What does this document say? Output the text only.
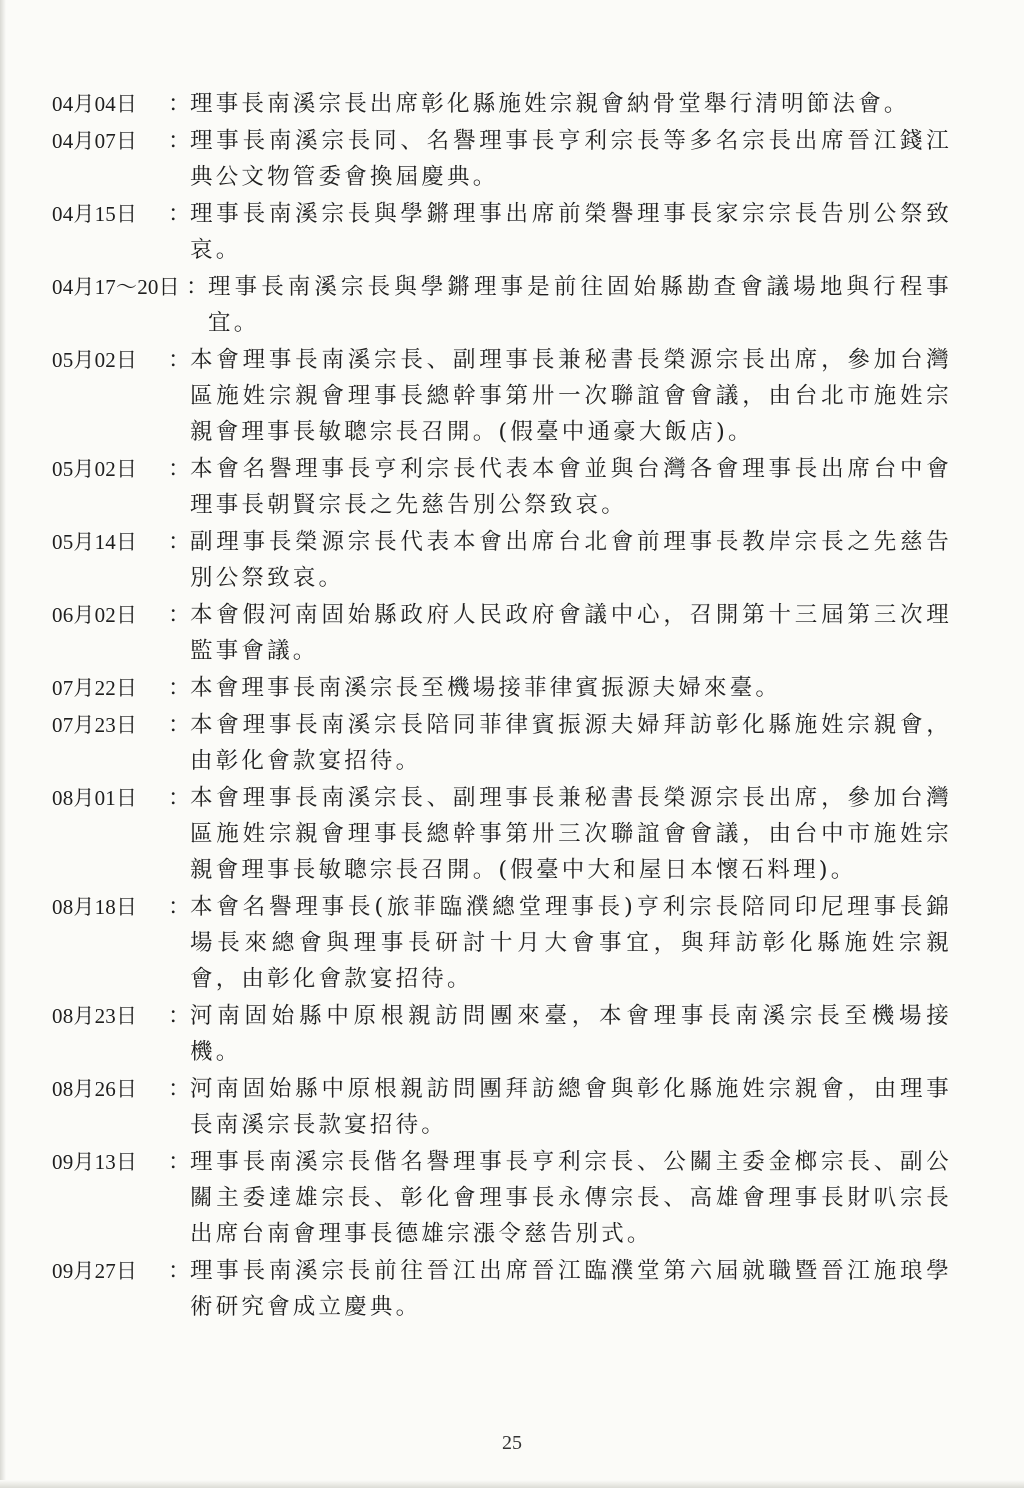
04月04日	： 理事長南溪宗長出席彰化縣施姓宗親會納骨堂舉行清明節法會。
04月07日	： 理事長南溪宗長同、名譽理事長亨利宗長等多名宗長出席晉江錢江典公文物管委會換屆慶典。
04月15日	： 理事長南溪宗長與學鏘理事出席前榮譽理事長家宗宗長告別公祭致哀。
04月17～20日 ： 理事長南溪宗長與學鏘理事是前往固始縣勘查會議場地與行程事宜。
05月02日	： 本會理事長南溪宗長、副理事長兼秘書長榮源宗長出席，參加台灣區施姓宗親會理事長總幹事第卅一次聯誼會會議，由台北市施姓宗親會理事長敏聰宗長召開。(假臺中通豪大飯店)。
05月02日	： 本會名譽理事長亨利宗長代表本會並與台灣各會理事長出席台中會理事長朝賢宗長之先慈告別公祭致哀。
05月14日	： 副理事長榮源宗長代表本會出席台北會前理事長教岸宗長之先慈告別公祭致哀。
06月02日	： 本會假河南固始縣政府人民政府會議中心，召開第十三屆第三次理監事會議。
07月22日	： 本會理事長南溪宗長至機場接菲律賓振源夫婦來臺。
07月23日	： 本會理事長南溪宗長陪同菲律賓振源夫婦拜訪彰化縣施姓宗親會，由彰化會款宴招待。
08月01日	： 本會理事長南溪宗長、副理事長兼秘書長榮源宗長出席，參加台灣區施姓宗親會理事長總幹事第卅三次聯誼會會議，由台中市施姓宗親會理事長敏聰宗長召開。(假臺中大和屋日本懷石料理)。
08月18日	： 本會名譽理事長(旅菲臨濮總堂理事長)亨利宗長陪同印尼理事長錦場長來總會與理事長研討十月大會事宜，與拜訪彰化縣施姓宗親會，由彰化會款宴招待。
08月23日	： 河南固始縣中原根親訪問團來臺，本會理事長南溪宗長至機場接機。
08月26日	： 河南固始縣中原根親訪問團拜訪總會與彰化縣施姓宗親會，由理事長南溪宗長款宴招待。
09月13日	： 理事長南溪宗長偕名譽理事長亨利宗長、公關主委金榔宗長、副公關主委達雄宗長、彰化會理事長永傳宗長、高雄會理事長財叭宗長出席台南會理事長德雄宗漲令慈告別式。
09月27日	： 理事長南溪宗長前往晉江出席晉江臨濮堂第六屆就職暨晉江施琅學術研究會成立慶典。
25
